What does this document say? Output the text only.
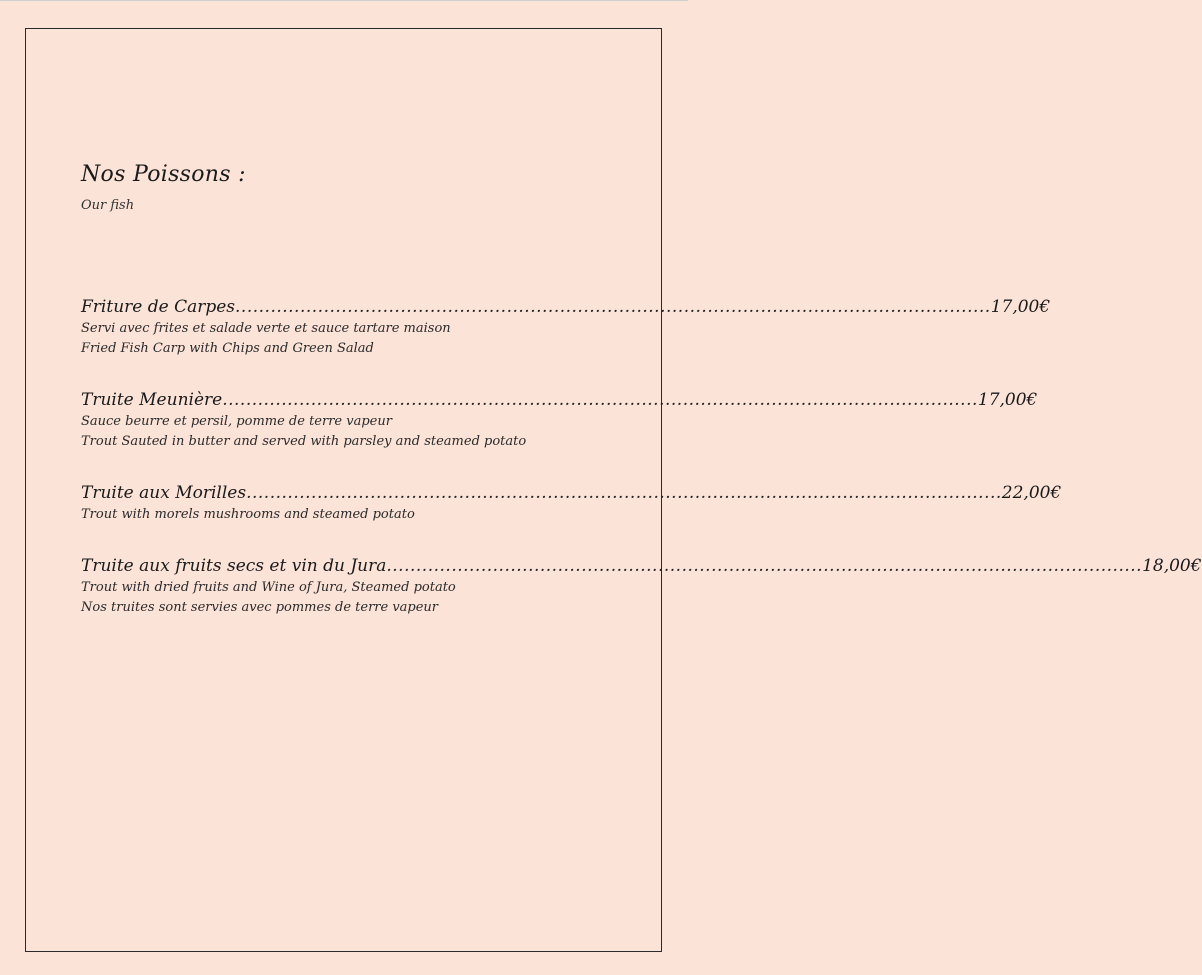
Nos Poissons :
Our fish
Friture de Carpes ................................................................................................................................ 17,00€
Servi avec frites et salade verte et sauce tartare maison
Fried Fish Carp with Chips and Green Salad
Truite Meunière ................................................................................................................................ 17,00€
Sauce beurre et persil, pomme de terre vapeur
Trout Sauted in butter and served with parsley and steamed potato
Truite aux Morilles ................................................................................................................................ 22,00€
Trout with morels mushrooms and steamed potato
Truite aux fruits secs et vin du Jura ................................................................................................................................ 18,00€
Trout with dried fruits and Wine of Jura, Steamed potato
Nos truites sont servies avec pommes de terre vapeur
